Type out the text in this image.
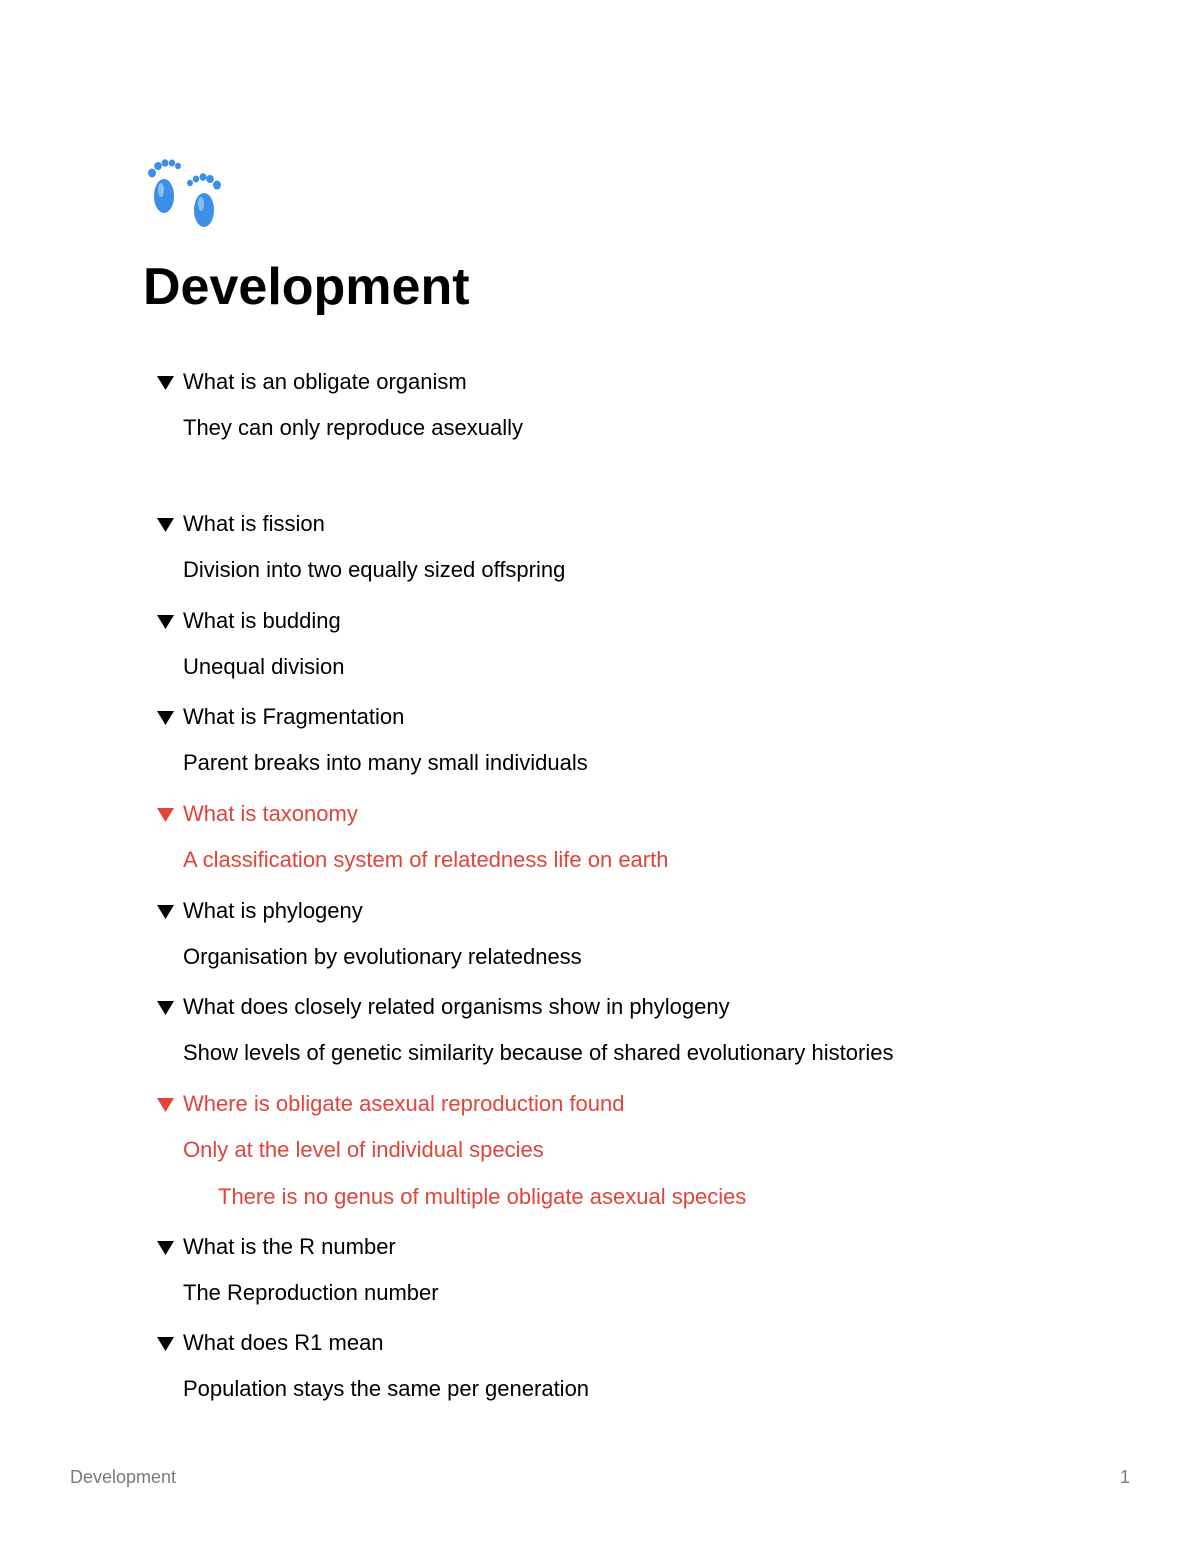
Development
What is an obligate organism
They can only reproduce asexually
What is fission
Division into two equally sized offspring
What is budding
Unequal division
What is Fragmentation
Parent breaks into many small individuals
What is taxonomy
A classification system of relatedness life on earth
What is phylogeny
Organisation by evolutionary relatedness
What does closely related organisms show in phylogeny
Show levels of genetic similarity because of shared evolutionary histories
Where is obligate asexual reproduction found
Only at the level of individual species
There is no genus of multiple obligate asexual species
What is the R number
The Reproduction number
What does R1 mean
Population stays the same per generation
Development	1
